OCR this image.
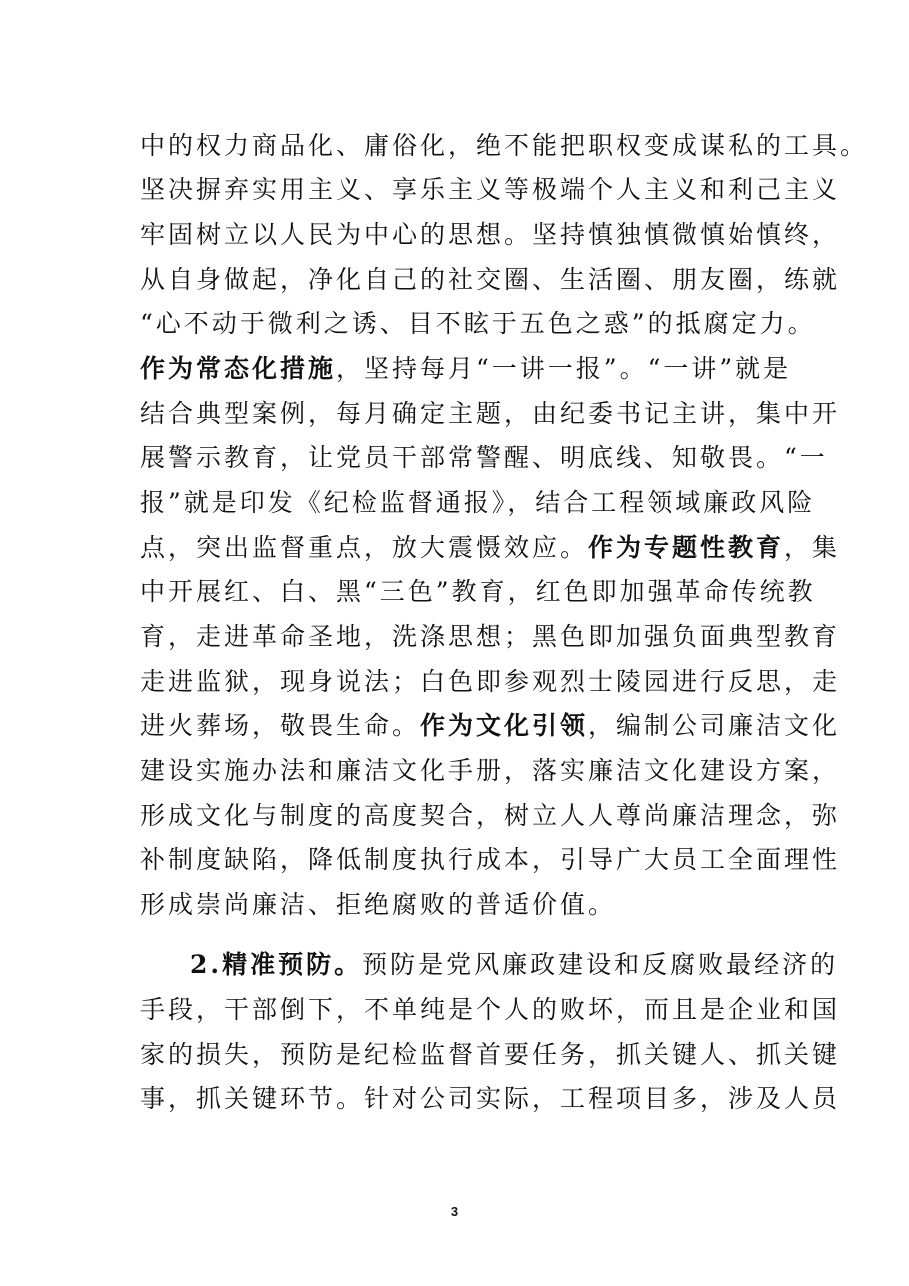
中的权力商品化、庸俗化，绝不能把职权变成谋私的工具。
坚决摒弃实用主义、享乐主义等极端个人主义和利己主义
牢固树立以人民为中心的思想。坚持慎独慎微慎始慎终，
从自身做起，净化自己的社交圈、生活圈、朋友圈，练就
“心不动于微利之诱、目不眩于五色之惑”的抵腐定力。
作为常态化措施，坚持每月“一讲一报”。“一讲”就是
结合典型案例，每月确定主题，由纪委书记主讲，集中开
展警示教育，让党员干部常警醒、明底线、知敬畏。“一
报”就是印发《纪检监督通报》，结合工程领域廉政风险
点，突出监督重点，放大震慑效应。作为专题性教育，集
中开展红、白、黑“三色”教育，红色即加强革命传统教
育，走进革命圣地，洗涤思想；黑色即加强负面典型教育
走进监狱，现身说法；白色即参观烈士陵园进行反思，走
进火葬场，敬畏生命。作为文化引领，编制公司廉洁文化
建设实施办法和廉洁文化手册，落实廉洁文化建设方案，
形成文化与制度的高度契合，树立人人尊尚廉洁理念，弥
补制度缺陷，降低制度执行成本，引导广大员工全面理性
形成崇尚廉洁、拒绝腐败的普适价值。
2.精准预防。预防是党风廉政建设和反腐败最经济的
手段，干部倒下，不单纯是个人的败坏，而且是企业和国
家的损失，预防是纪检监督首要任务，抓关键人、抓关键
事，抓关键环节。针对公司实际，工程项目多，涉及人员
3
